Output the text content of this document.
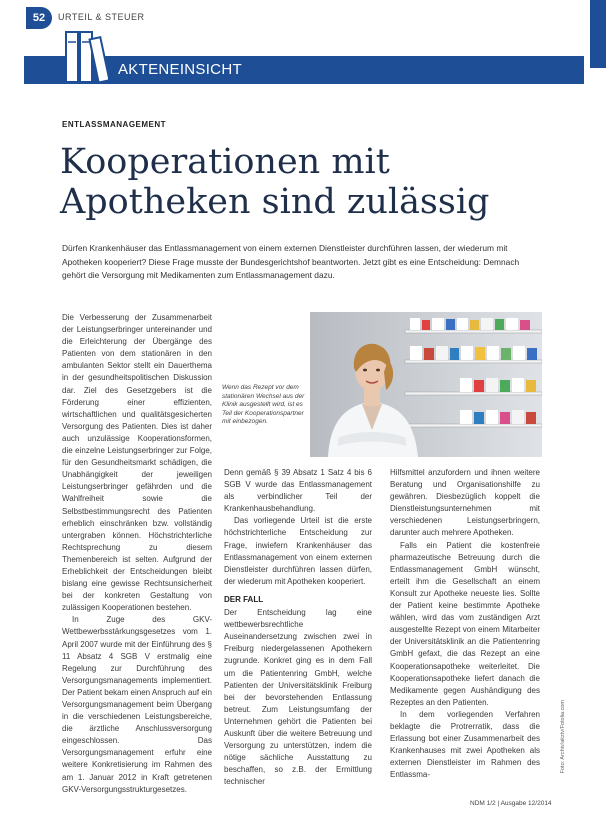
52	URTEIL & STEUER
AKTENEINSICHT
ENTLASSMANAGEMENT
Kooperationen mit Apotheken sind zulässig
Dürfen Krankenhäuser das Entlassmanagement von einem externen Dienstleister durchführen lassen, der wiederum mit Apotheken kooperiert? Diese Frage musste der Bundesgerichtshof beantworten. Jetzt gibt es eine Entscheidung: Demnach gehört die Versorgung mit Medikamenten zum Entlassmanagement dazu.

Die Verbesserung der Zusammenarbeit der Leistungserbringer untereinander und die Erleichterung der Übergänge des Patienten von dem stationären in den ambulanten Sektor stellt ein Dauerthema in der gesundheitspolitischen Diskussion dar. Ziel des Gesetzgebers ist die Förderung einer effizienten, wirtschaftlichen und qualitätsgesicherten Versorgung des Patienten. Dies ist daher auch unzulässige Kooperationsformen, die einzelne Leistungserbringer zur Folge, für den Gesundheitsmarkt schädigen, die Unabhängigkeit der jeweiligen Leistungserbringer gefährden und die Wahlfreiheit sowie die Selbstbestimmungsrecht des Patienten erheblich einschränken bzw. vollständig untergraben können. Höchstrichterliche Rechtsprechung zu diesem Themenbereich ist selten. Aufgrund der Erheblichkeit der Entscheidungen bleibt bislang eine gewisse Rechtsunsicherheit bei der konkreten Gestaltung von zulässigen Kooperationen bestehen.

In Zuge des GKV-Wettbewerbsstärkungsgesetzes vom 1. April 2007 wurde mit der Einführung des § 11 Absatz 4 SGB V erstmalig eine Regelung zur Durchführung des Versorgungsmanagements implementiert. Der Patient bekam einen Anspruch auf ein Versorgungsmanagement beim Übergang in die verschiedenen Leistungsbereiche, die ärztliche Anschlussversorgung eingeschlossen. Das Versorgungsmanagement erfuhr eine weitere Konkretisierung im Rahmen des am 1. Januar 2012 in Kraft getretenen GKV-Versorgungsstrukturgesetzes.

Wenn das Rezept vor dem stationären Wechsel aus der Klinik ausgestellt wird, ist es Teil der Kooperationspartner mit einbezogen.

Denn gemäß § 39 Absatz 1 Satz 4 bis 6 SGB V wurde das Entlassmanagement als verbindlicher Teil der Krankenhausbehandlung.

Das vorliegende Urteil ist die erste höchstrichterliche Entscheidung zur Frage, inwiefern Krankenhäuser das Entlassmanagement von einem externen Dienstleister durchführen lassen dürfen, der wiederum mit Apotheken kooperiert.

DER FALL

Der Entscheidung lag eine wettbewerbsrechtliche Auseinandersetzung zwischen zwei in Freiburg niedergelassenen Apothekern zugrunde. Konkret ging es in dem Fall um die Patientenring GmbH, welche Patienten der Universitätsklinik Freiburg bei der bevorstehenden Entlassung betreut. Zum Leistungsumfang der Unternehmen gehört die Patienten bei Auskunft über die weitere Betreuung und Versorgung zu unterstützen, indem die nötige sächliche Ausstattung zu beschaffen, so z.B. der Ermittlung technischer

Hilfsmittel anzufordern und ihnen weitere Beratung und Organisationshilfe zu gewähren. Diesbezüglich koppelt die Dienstleistungsunternehmen mit verschiedenen Leistungserbringern, darunter auch mehrere Apotheken.

Falls ein Patient die kostenfreie pharmazeutische Betreuung durch die Entlassmanagement GmbH wünscht, erteilt ihm die Gesellschaft an einem Konsult zur Apotheke neueste lies. Sollte der Patient keine bestimmte Apotheke wählen, wird das vom zuständigen Arzt ausgestellte Rezept von einem Mitarbeiter der Universitätsklinik an die Patientenring GmbH gefaxt, die das Rezept an eine Kooperationsapotheke weiterleitet. Die Kooperationsapotheke liefert danach die Medikamente gegen Aushändigung des Rezeptes an den Patienten.

In dem vorliegenden Verfahren beklagte die Protrerratik, dass die Erlassung bot einer Zusammenarbeit des Krankenhauses mit zwei Apotheken als externen Dienstleister im Rahmen des Entlassma-

Foto: Archiv/akztv/Fotolia.com
NDM 1/2 | Ausgabe 12/2014
